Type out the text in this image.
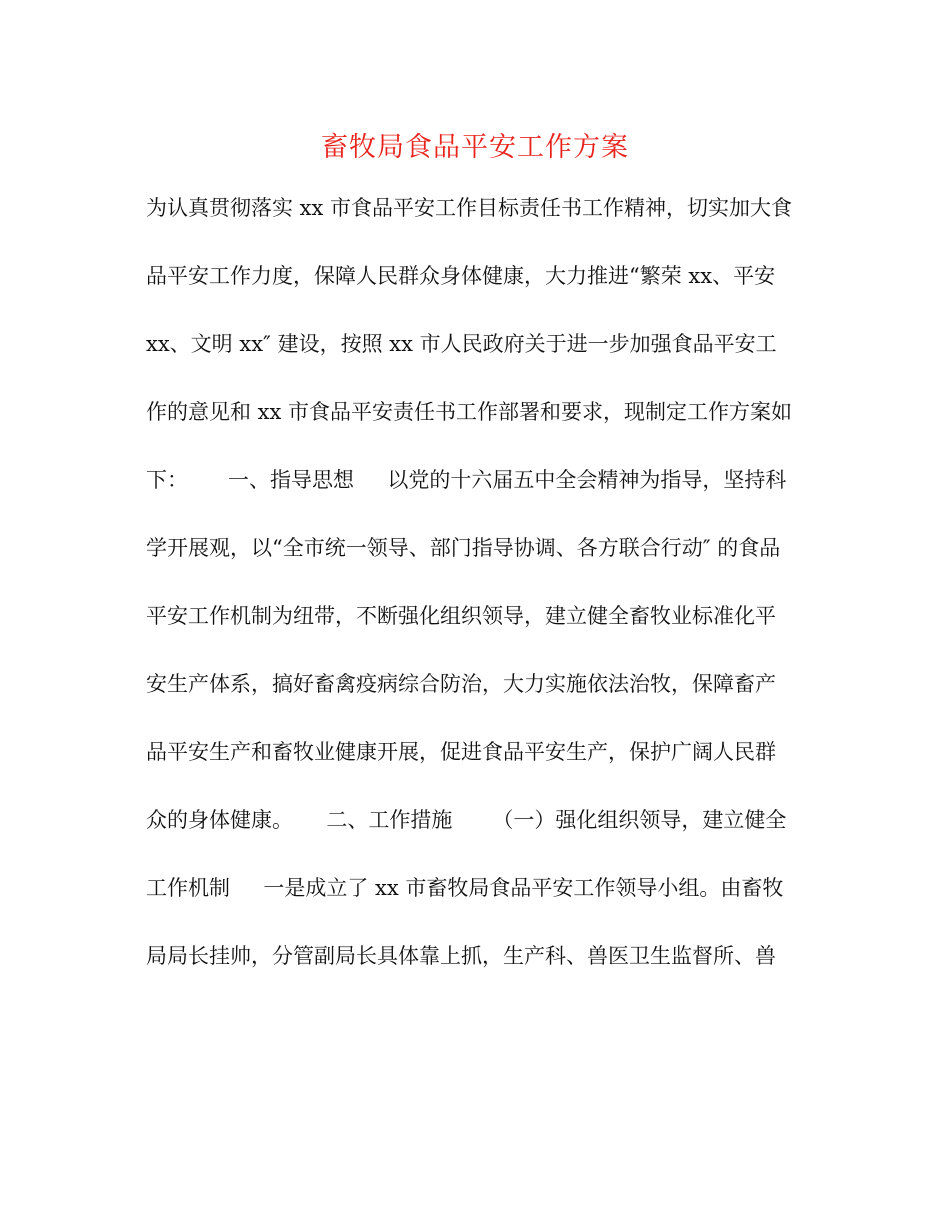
畜牧局食品平安工作方案
为认真贯彻落实 xx 市食品平安工作目标责任书工作精神，切实加大食
品平安工作力度，保障人民群众身体健康，大力推进“繁荣 xx、平安
xx、文明 xx″ 建设，按照 xx 市人民政府关于进一步加强食品平安工
作的意见和 xx 市食品平安责任书工作部署和要求，现制定工作方案如
下：      一、指导思想     以党的十六届五中全会精神为指导，坚持科
学开展观，以“全市统一领导、部门指导协调、各方联合行动″ 的食品
平安工作机制为纽带，不断强化组织领导，建立健全畜牧业标准化平
安生产体系，搞好畜禽疫病综合防治，大力实施依法治牧，保障畜产
品平安生产和畜牧业健康开展，促进食品平安生产，保护广阔人民群
众的身体健康。     二、工作措施      （一）强化组织领导，建立健全
工作机制     一是成立了 xx 市畜牧局食品平安工作领导小组。由畜牧
局局长挂帅，分管副局长具体靠上抓，生产科、兽医卫生监督所、兽
